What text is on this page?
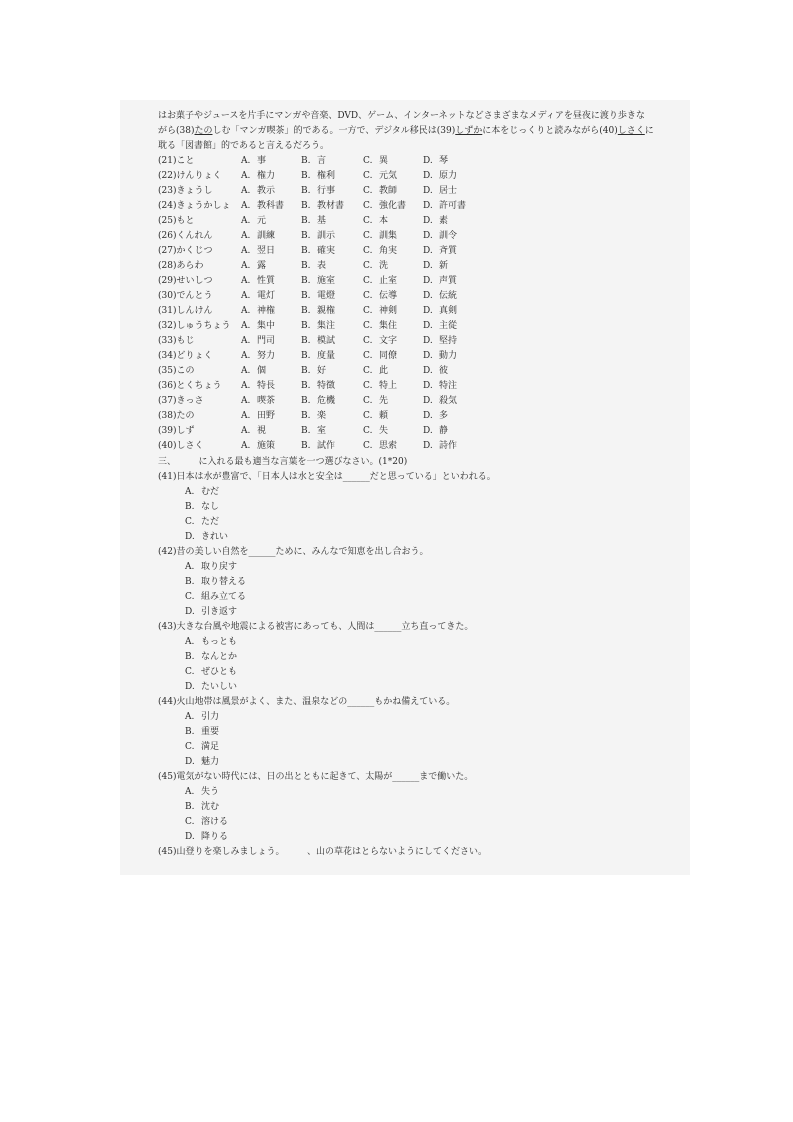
はお菓子やジュースを片手にマンガや音楽、DVD、ゲーム、インターネットなどさまざまなメディアを昼夜に渡り歩きな
がら(38)たのしむ「マンガ喫茶」的である。一方で、デジタル移民は(39)しずかに本をじっくりと読みながら(40)しさくに
耽る「図書館」的であると言えるだろう。
(21)こと	A. 事	B. 言	C. 異	D. 琴
(22)けんりょく A. 権力	B. 権利	C. 元気	D. 原力
(23)きょうし	A. 教示	B. 行事	C. 教師	D. 居士
(24)きょうかしょ A. 教科書 B. 教材書 C. 強化書 D. 許可書
(25)もと	A. 元	B. 基	C. 本	D. 素
(26)くんれん	A. 訓練	B. 訓示	C. 訓集	D. 訓令
(27)かくじつ	A. 翌日	B. 確実	C. 角実	D. 斉質
(28)あらわ	A. 露	B. 表	C. 洗	D. 新
(29)せいしつ	A. 性質	B. 施室	C. 止室	D. 声質
(30)でんとう	A. 電灯	B. 電燈	C. 伝導	D. 伝統
(31)しんけん	A. 神権	B. 親権	C. 神剣	D. 真剣
(32)しゅうちょう A. 集中	B. 集注	C. 集住	D. 主從
(33)もじ	A. 門司	B. 模試	C. 文字	D. 堅持
(34)どりょく	A. 努力	B. 度量	C. 同僚	D. 動力
(35)この	A. 個	B. 好	C. 此	D. 彼
(36)とくちょう A. 特長	B. 特徴	C. 特上	D. 特注
(37)きっさ	A. 喫茶	B. 危機	C. 先	D. 殺気
(38)たの	A. 田野	B. 楽	C. 頼	D. 多
(39)しず	A. 視	B. 室	C. 失	D. 静
(40)しさく	A. 施策	B. 試作	C. 思索	D. 詩作
三、　　　に入れる最も適当な言葉を一つ選びなさい。(1*20)
(41)日本は水が豊富で、「日本人は水と安全は______だと思っている」といわれる。
A. むだ
B. なし
C. ただ
D. きれい
(42)昔の美しい自然を______ために、みんなで知恵を出し合おう。
A. 取り戻す
B. 取り替える
C. 組み立てる
D. 引き返す
(43)大きな台風や地震による被害にあっても、人間は______立ち直ってきた。
A. もっとも
B. なんとか
C. ぜひとも
D. たいしい
(44)火山地帯は風景がよく、また、温泉などの______もかね備えている。
A. 引力
B. 重要
C. 満足
D. 魅力
(45)電気がない時代には、日の出とともに起きて、太陽が______まで働いた。
A. 失う
B. 沈む
C. 溶ける
D. 降りる
(45)山登りを楽しみましょう。　　　、山の草花はとらないようにしてください。
